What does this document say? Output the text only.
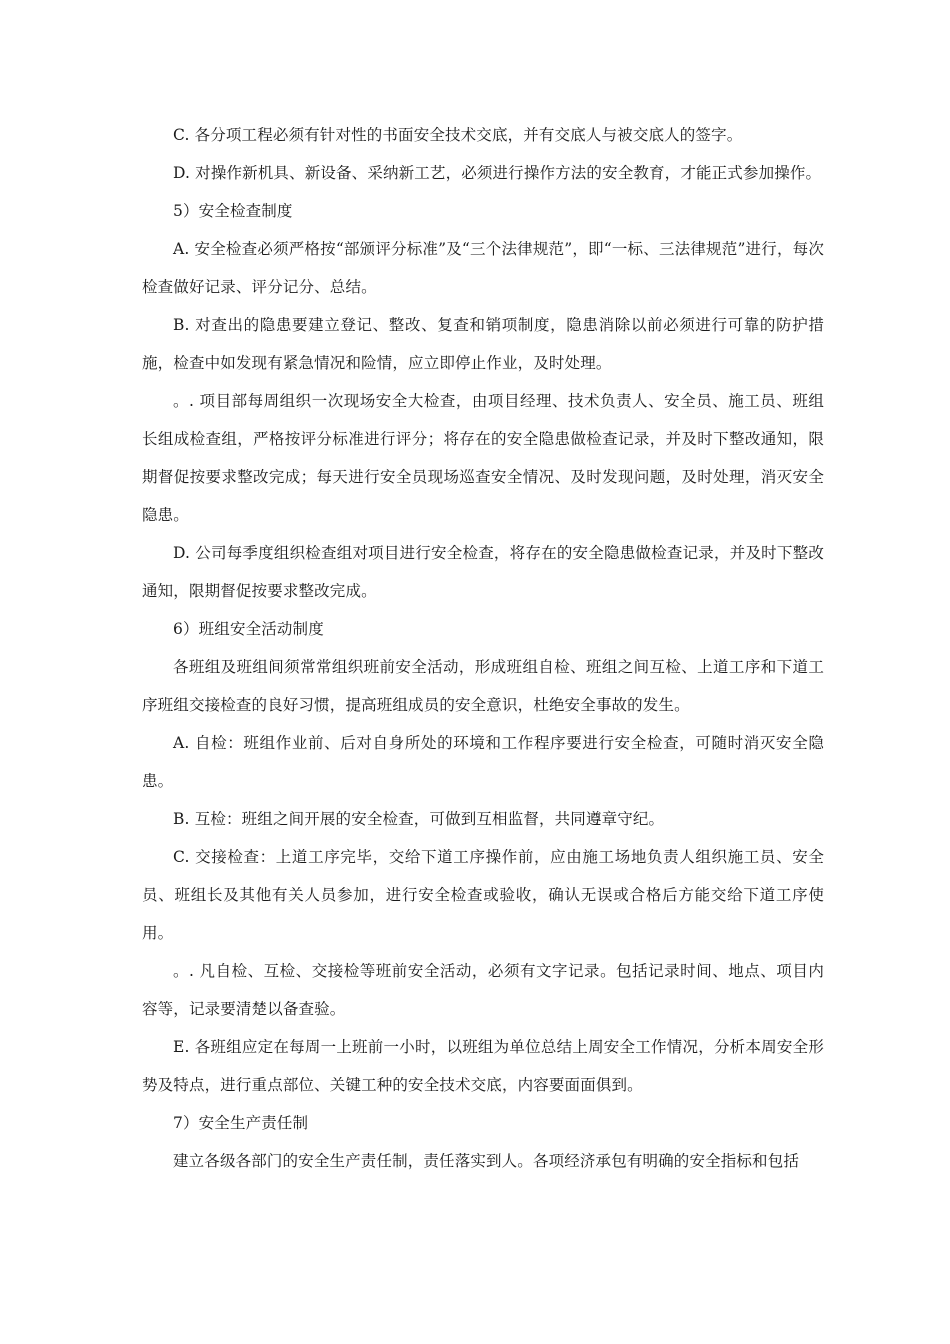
C. 各分项工程必须有针对性的书面安全技术交底，并有交底人与被交底人的签字。

D. 对操作新机具、新设备、采纳新工艺，必须进行操作方法的安全教育，才能正式参加操作。

5）安全检查制度

A. 安全检查必须严格按“部颁评分标准”及“三个法律规范”，即“一标、三法律规范”进行，每次检查做好记录、评分记分、总结。

B. 对查出的隐患要建立登记、整改、复查和销项制度，隐患消除以前必须进行可靠的防护措施，检查中如发现有紧急情况和险情，应立即停止作业，及时处理。

。. 项目部每周组织一次现场安全大检查，由项目经理、技术负责人、安全员、施工员、班组长组成检查组，严格按评分标准进行评分；将存在的安全隐患做检查记录，并及时下整改通知，限期督促按要求整改完成；每天进行安全员现场巡查安全情况、及时发现问题，及时处理，消灭安全隐患。

D. 公司每季度组织检查组对项目进行安全检查，将存在的安全隐患做检查记录，并及时下整改通知，限期督促按要求整改完成。

6）班组安全活动制度

各班组及班组间须常常组织班前安全活动，形成班组自检、班组之间互检、上道工序和下道工序班组交接检查的良好习惯，提高班组成员的安全意识，杜绝安全事故的发生。

A. 自检：班组作业前、后对自身所处的环境和工作程序要进行安全检查，可随时消灭安全隐患。

B. 互检：班组之间开展的安全检查，可做到互相监督，共同遵章守纪。

C. 交接检查：上道工序完毕，交给下道工序操作前，应由施工场地负责人组织施工员、安全员、班组长及其他有关人员参加，进行安全检查或验收，确认无误或合格后方能交给下道工序使用。

。. 凡自检、互检、交接检等班前安全活动，必须有文字记录。包括记录时间、地点、项目内容等，记录要清楚以备查验。

E. 各班组应定在每周一上班前一小时，以班组为单位总结上周安全工作情况，分析本周安全形势及特点，进行重点部位、关键工种的安全技术交底，内容要面面俱到。

7）安全生产责任制

建立各级各部门的安全生产责任制，责任落实到人。各项经济承包有明确的安全指标和包括
